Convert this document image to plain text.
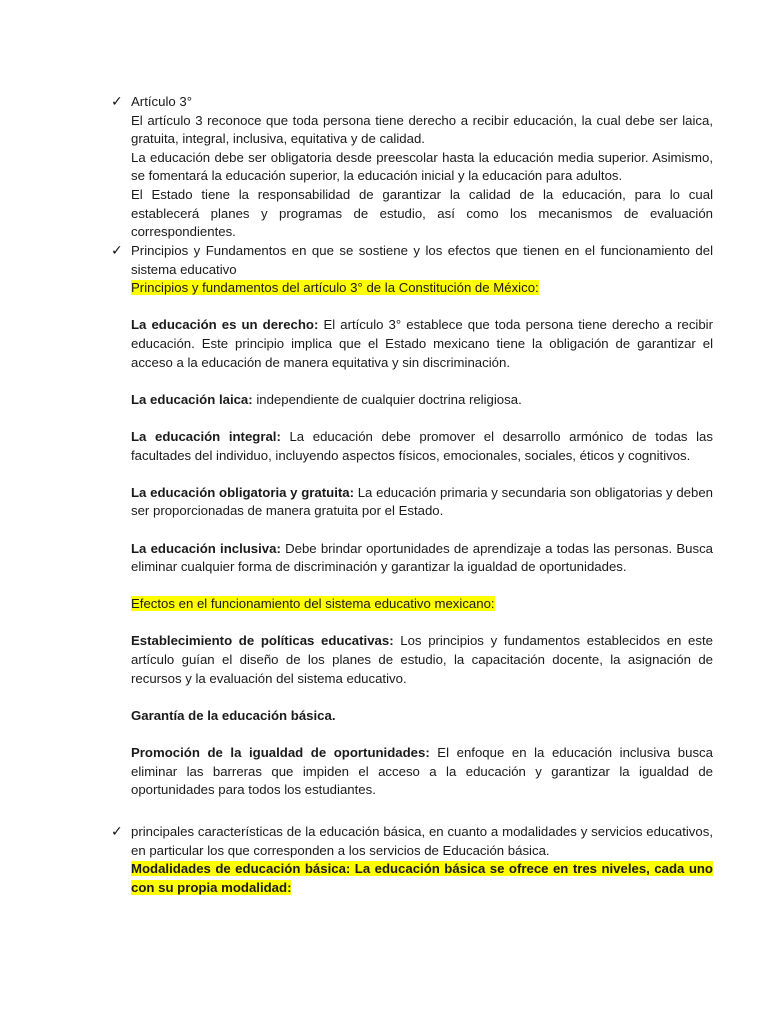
✓ Artículo 3°

El artículo 3 reconoce que toda persona tiene derecho a recibir educación, la cual debe ser laica, gratuita, integral, inclusiva, equitativa y de calidad.

La educación debe ser obligatoria desde preescolar hasta la educación media superior. Asimismo, se fomentará la educación superior, la educación inicial y la educación para adultos.

El Estado tiene la responsabilidad de garantizar la calidad de la educación, para lo cual establecerá planes y programas de estudio, así como los mecanismos de evaluación correspondientes.

✓ Principios y Fundamentos en que se sostiene y los efectos que tienen en el funcionamiento del sistema educativo

Principios y fundamentos del artículo 3° de la Constitución de México:

La educación es un derecho: El artículo 3° establece que toda persona tiene derecho a recibir educación. Este principio implica que el Estado mexicano tiene la obligación de garantizar el acceso a la educación de manera equitativa y sin discriminación.

La educación laica: independiente de cualquier doctrina religiosa.

La educación integral: La educación debe promover el desarrollo armónico de todas las facultades del individuo, incluyendo aspectos físicos, emocionales, sociales, éticos y cognitivos.

La educación obligatoria y gratuita: La educación primaria y secundaria son obligatorias y deben ser proporcionadas de manera gratuita por el Estado.

La educación inclusiva: Debe brindar oportunidades de aprendizaje a todas las personas. Busca eliminar cualquier forma de discriminación y garantizar la igualdad de oportunidades.

Efectos en el funcionamiento del sistema educativo mexicano:

Establecimiento de políticas educativas: Los principios y fundamentos establecidos en este artículo guían el diseño de los planes de estudio, la capacitación docente, la asignación de recursos y la evaluación del sistema educativo.

Garantía de la educación básica.

Promoción de la igualdad de oportunidades: El enfoque en la educación inclusiva busca eliminar las barreras que impiden el acceso a la educación y garantizar la igualdad de oportunidades para todos los estudiantes.

✓ principales características de la educación básica, en cuanto a modalidades y servicios educativos, en particular los que corresponden a los servicios de Educación básica.

Modalidades de educación básica: La educación básica se ofrece en tres niveles, cada uno con su propia modalidad:
